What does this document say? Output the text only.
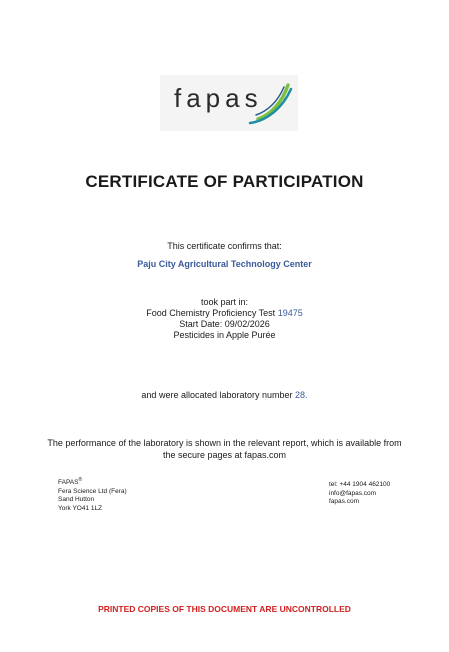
fapas
CERTIFICATE OF PARTICIPATION
This certificate confirms that:
Paju City Agricultural Technology Center
took part in:
Food Chemistry Proficiency Test 19475
Start Date: 09/02/2026
Pesticides in Apple Purée
and were allocated laboratory number 28.
The performance of the laboratory is shown in the relevant report, which is available from
the secure pages at fapas.com
FAPAS®
Fera Science Ltd (Fera)
Sand Hutton
York YO41 1LZ
tel: +44 1904 462100
info@fapas.com
fapas.com
PRINTED COPIES OF THIS DOCUMENT ARE UNCONTROLLED
